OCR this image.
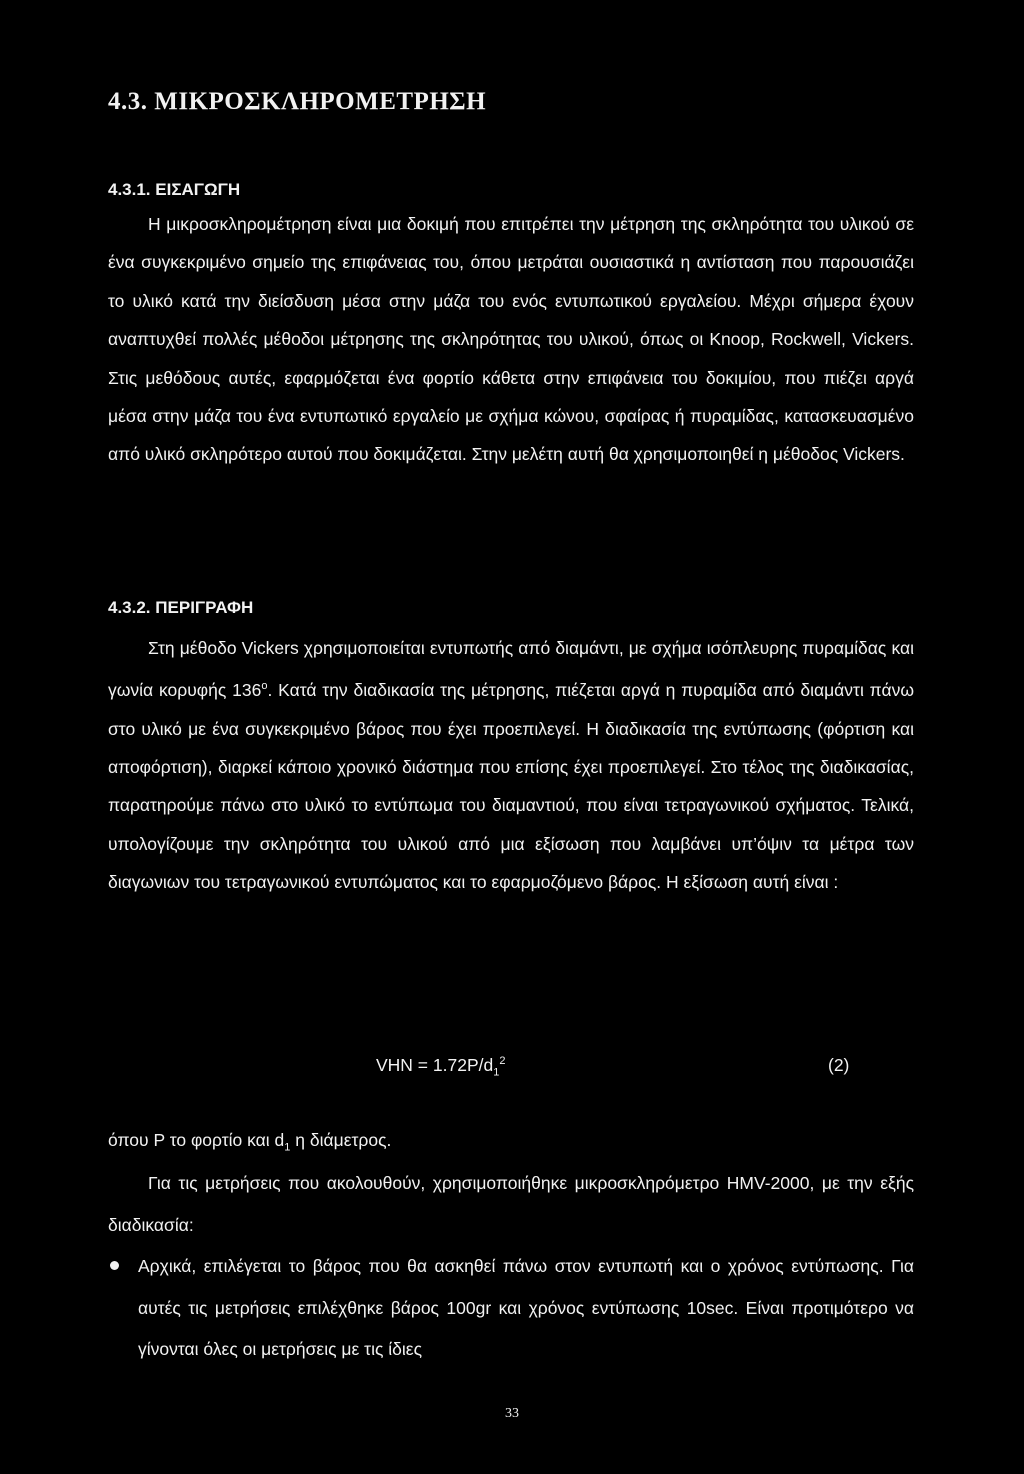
4.3. ΜΙΚΡΟΣΚΛΗΡΟΜΕΤΡΗΣΗ
4.3.1. ΕΙΣΑΓΩΓΗ

Η μικροσκληρομέτρηση είναι μια δοκιμή που επιτρέπει την μέτρηση της σκληρότητα του υλικού σε ένα συγκεκριμένο σημείο της επιφάνειας του, όπου μετράται ουσιαστικά η αντίσταση που παρουσιάζει το υλικό κατά την διείσδυση μέσα στην μάζα του ενός εντυπωτικού εργαλείου. Μέχρι σήμερα έχουν αναπτυχθεί πολλές μέθοδοι μέτρησης της σκληρότητας του υλικού, όπως οι Knoop, Rockwell, Vickers. Στις μεθόδους αυτές, εφαρμόζεται ένα φορτίο κάθετα στην επιφάνεια του δοκιμίου, που πιέζει αργά μέσα στην μάζα του ένα εντυπωτικό εργαλείο με σχήμα κώνου, σφαίρας ή πυραμίδας, κατασκευασμένο από υλικό σκληρότερο αυτού που δοκιμάζεται. Στην μελέτη αυτή θα χρησιμοποιηθεί η μέθοδος Vickers.

4.3.2. ΠΕΡΙΓΡΑΦΗ

Στη μέθοδο Vickers χρησιμοποιείται εντυπωτής από διαμάντι, με σχήμα ισόπλευρης πυραμίδας και γωνία κορυφής 136$^o$. Κατά την διαδικασία της μέτρησης, πιέζεται αργά η πυραμίδα από διαμάντι πάνω στο υλικό με ένα συγκεκριμένο βάρος που έχει προεπιλεγεί. Η διαδικασία της εντύπωσης (φόρτιση και αποφόρτιση), διαρκεί κάποιο χρονικό διάστημα που επίσης έχει προεπιλεγεί. Στο τέλος της διαδικασίας, παρατηρούμε πάνω στο υλικό το εντύπωμα του διαμαντιού, που είναι τετραγωνικού σχήματος. Τελικά, υπολογίζουμε την σκληρότητα του υλικού από μια εξίσωση που λαμβάνει υπ’όψιν τα μέτρα των διαγωνιων του τετραγωνικού εντυπώματος και το εφαρμοζόμενο βάρος. Η εξίσωση αυτή είναι :

VHN = $1.72P/d_1^2$	(2)
όπου P το φορτίο και $d_1$ η διάμετρος.

Για τις μετρήσεις που ακολουθούν, χρησιμοποιήθηκε μικροσκληρόμετρο HMV-2000, με την εξής διαδικασία:

Αρχικά, επιλέγεται το βάρος που θα ασκηθεί πάνω στον εντυπωτή και ο χρόνος εντύπωσης. Για αυτές τις μετρήσεις επιλέχθηκε βάρος 100gr και χρόνος εντύπωσης 10sec. Είναι προτιμότερο να γίνονται όλες οι μετρήσεις με τις ίδιες
33
